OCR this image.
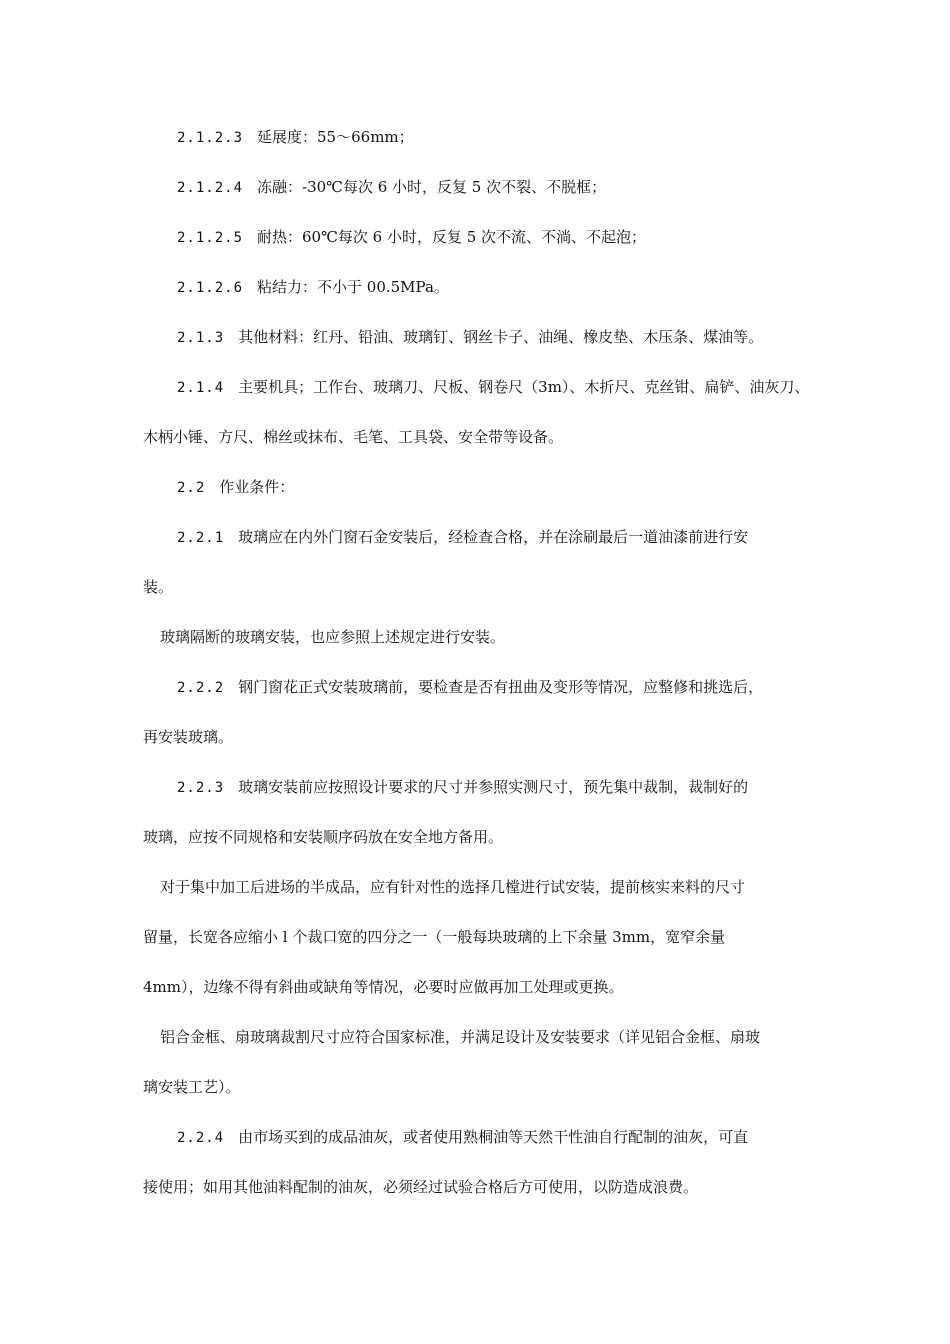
2.1.2.3 延展度：55～66mm；
2.1.2.4 冻融：-30℃每次 6 小时，反复 5 次不裂、不脱框；
2.1.2.5 耐热：60℃每次 6 小时，反复 5 次不流、不淌、不起泡；
2.1.2.6 粘结力：不小于 00.5MPa。
2.1.3 其他材料：红丹、铅油、玻璃钉、钢丝卡子、油绳、橡皮垫、木压条、煤油等。
2.1.4 主要机具；工作台、玻璃刀、尺板、钢卷尺（3m）、木折尺、克丝钳、扁铲、油灰刀、
木柄小锤、方尺、棉丝或抹布、毛笔、工具袋、安全带等设备。
2.2 作业条件：
2.2.1 玻璃应在内外门窗石金安装后，经检查合格，并在涂刷最后一道油漆前进行安
装。
玻璃隔断的玻璃安装，也应参照上述规定进行安装。
2.2.2 钢门窗花正式安装玻璃前，要检查是否有扭曲及变形等情况，应整修和挑选后，
再安装玻璃。
2.2.3 玻璃安装前应按照设计要求的尺寸并参照实测尺寸，预先集中裁制，裁制好的
玻璃，应按不同规格和安装顺序码放在安全地方备用。
对于集中加工后进场的半成品，应有针对性的选择几樘进行试安装，提前核实来料的尺寸
留量，长宽各应缩小 l 个裁口宽的四分之一（一般每块玻璃的上下余量 3mm，宽窄余量
4mm），边缘不得有斜曲或缺角等情况，必要时应做再加工处理或更换。
铝合金框、扇玻璃裁割尺寸应符合国家标准，并满足设计及安装要求（详见铝合金框、扇玻
璃安装工艺）。
2.2.4 由市场买到的成品油灰，或者使用熟桐油等天然干性油自行配制的油灰，可直
接使用；如用其他油料配制的油灰，必须经过试验合格后方可使用，以防造成浪费。
